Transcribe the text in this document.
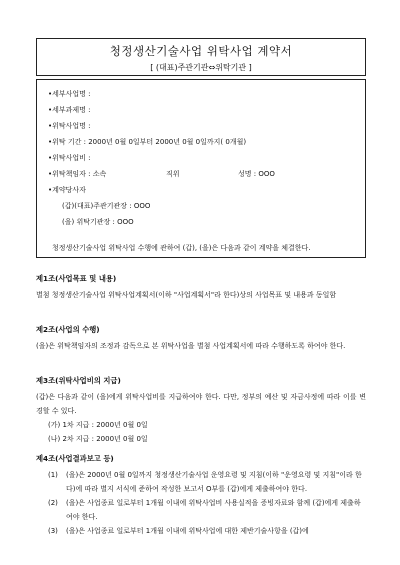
청정생산기술사업 위탁사업 계약서
[ (대표)주관기관⇔위탁기관 ]
•세부사업명 :
•세부과제명 :
•위탁사업명 :
•위탁 기간 : 2000년 0월 0일부터 2000년 0월 0일까지( 0개월)
•위탁사업비 :
•위탁책임자 : 소속	직위	성명 : OOO
•계약당사자
(갑)(대표)주관기관장 : OOO
(을) 위탁기관장 : OOO
청정생산기술사업 위탁사업 수행에 관하여 (갑), (을)은 다음과 같이 계약을 체결한다.
제1조(사업목표 및 내용)
별첨 청정생산기술사업 위탁사업계획서(이하 "사업계획서"라 한다)상의 사업목표 및 내용과 동일함
제2조(사업의 수행)
(을)은 위탁책임자의 조정과 감독으로 본 위탁사업을 별첨 사업계획서에 따라 수행하도록 하여야 한다.
제3조(위탁사업비의 지급)
(갑)은 다음과 같이 (을)에게 위탁사업비를 지급하여야 한다. 다만, 정부의 예산 및 자금사정에 따라 이를 변경할 수 있다.
(가) 1차 지급 : 2000년 0월 0일
(나) 2차 지급 : 2000년 0월 0일
제4조(사업결과보고 등)
(1)	(을)은 2000년 0월 0일까지 청정생산기술사업 운영요령 및 지침(이하 "운영요령 및 지침"이라 한다)에 따라 별지 서식에 준하여 작성한 보고서 O부를 (갑)에게 제출하여야 한다.
(2)	(을)은 사업종료 일로부터 1개월 이내에 위탁사업비 사용실적을 증빙자료와 함께 (갑)에게 제출하여야 한다.
(3)	(을)은 사업종료 일로부터 1개월 이내에 위탁사업에 대한 제반기술사항을 (갑)에
